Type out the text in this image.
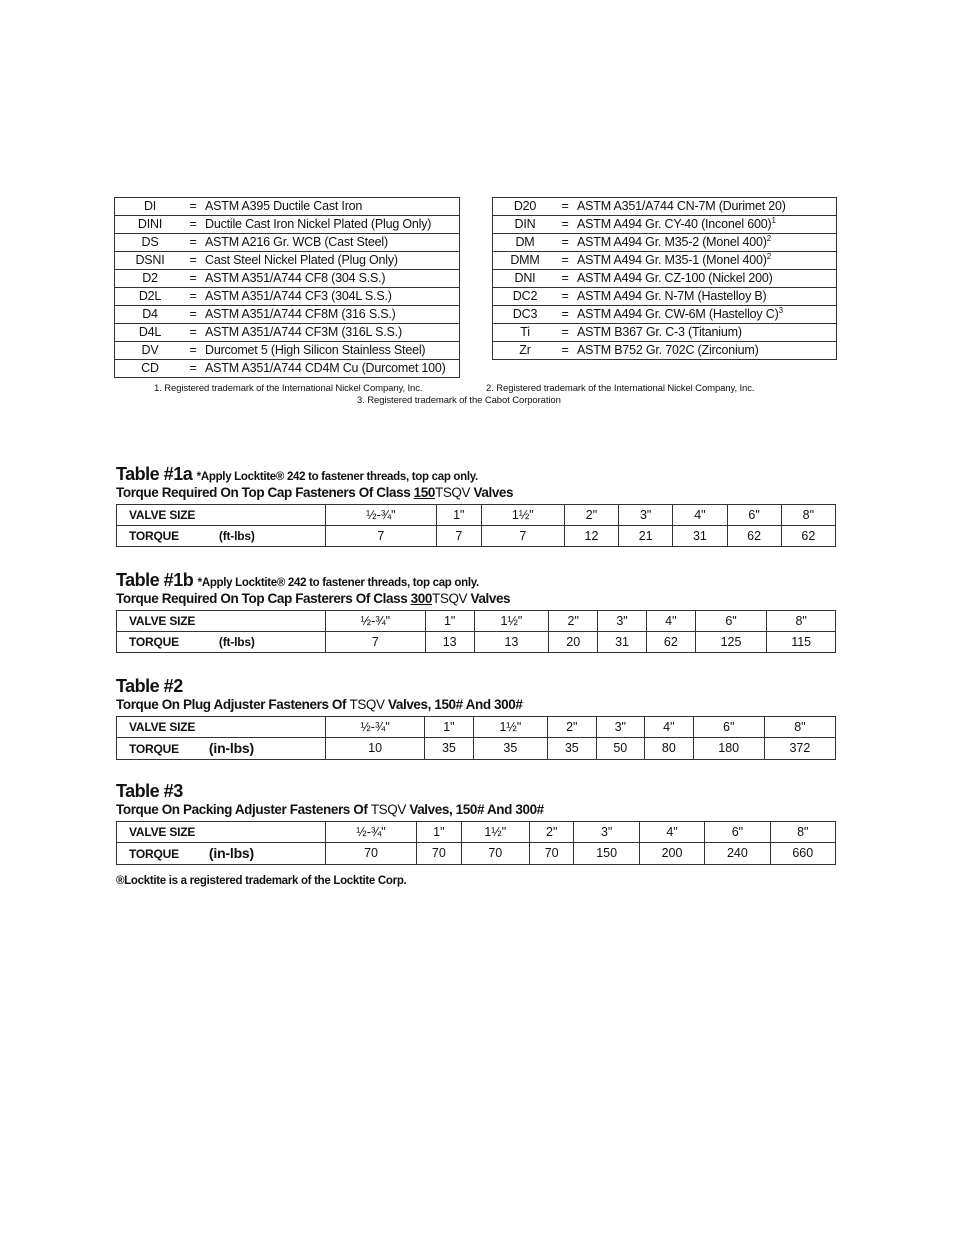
DI	=	ASTM A395 Ductile Cast Iron
DINI	=	Ductile Cast Iron Nickel Plated (Plug Only)
DS	=	ASTM A216 Gr. WCB (Cast Steel)
DSNI	=	Cast Steel Nickel Plated (Plug Only)
D2	=	ASTM A351/A744 CF8 (304 S.S.)
D2L	=	ASTM A351/A744 CF3 (304L S.S.)
D4	=	ASTM A351/A744 CF8M (316 S.S.)
D4L	=	ASTM A351/A744 CF3M (316L S.S.)
DV	=	Durcomet 5 (High Silicon Stainless Steel)
CD	=	ASTM A351/A744 CD4M Cu (Durcomet 100)
D20	=	ASTM A351/A744 CN-7M (Durimet 20)
DIN	=	ASTM A494 Gr. CY-40 (Inconel 600)$^1$
DM	=	ASTM A494 Gr. M35-2 (Monel 400)$^2$
DMM	=	ASTM A494 Gr. M35-1 (Monel 400)$^2$
DNI	=	ASTM A494 Gr. CZ-100 (Nickel 200)
DC2	=	ASTM A494 Gr. N-7M (Hastelloy B)
DC3	=	ASTM A494 Gr. CW-6M (Hastelloy C)$^3$
Ti	=	ASTM B367 Gr. C-3 (Titanium)
Zr	=	ASTM B752 Gr. 702C (Zirconium)
1. Registered trademark of the International Nickel Company, Inc.	2. Registered trademark of the International Nickel Company, Inc.
3. Registered trademark of the Cabot Corporation
Table #1a *Apply Locktite® 242 to fastener threads, top cap only.
Torque Required On Top Cap Fasteners Of Class 150TSQV Valves
VALVE SIZE	½-¾"	1"	1½"	2"	3"	4"	6"	8"
TORQUE (ft-lbs)	7	7	7	12	21	31	62	62
Table #1b *Apply Locktite® 242 to fastener threads, top cap only.
Torque Required On Top Cap Fasterers Of Class 300TSQV Valves
VALVE SIZE	½-¾"	1"	1½"	2"	3"	4"	6"	8"
TORQUE (ft-lbs)	7	13	13	20	31	62	125	115
Table #2
Torque On Plug Adjuster Fasteners Of TSQV Valves, 150# And 300#
VALVE SIZE	½-¾"	1"	1½"	2"	3"	4"	6"	8"
TORQUE (in-lbs)	10	35	35	35	50	80	180	372
Table #3
Torque On Packing Adjuster Fasteners Of TSQV Valves, 150# And 300#
VALVE SIZE	½-¾"	1"	1½"	2"	3"	4"	6"	8"
TORQUE (in-lbs)	70	70	70	70	150	200	240	660
®Locktite is a registered trademark of the Locktite Corp.
